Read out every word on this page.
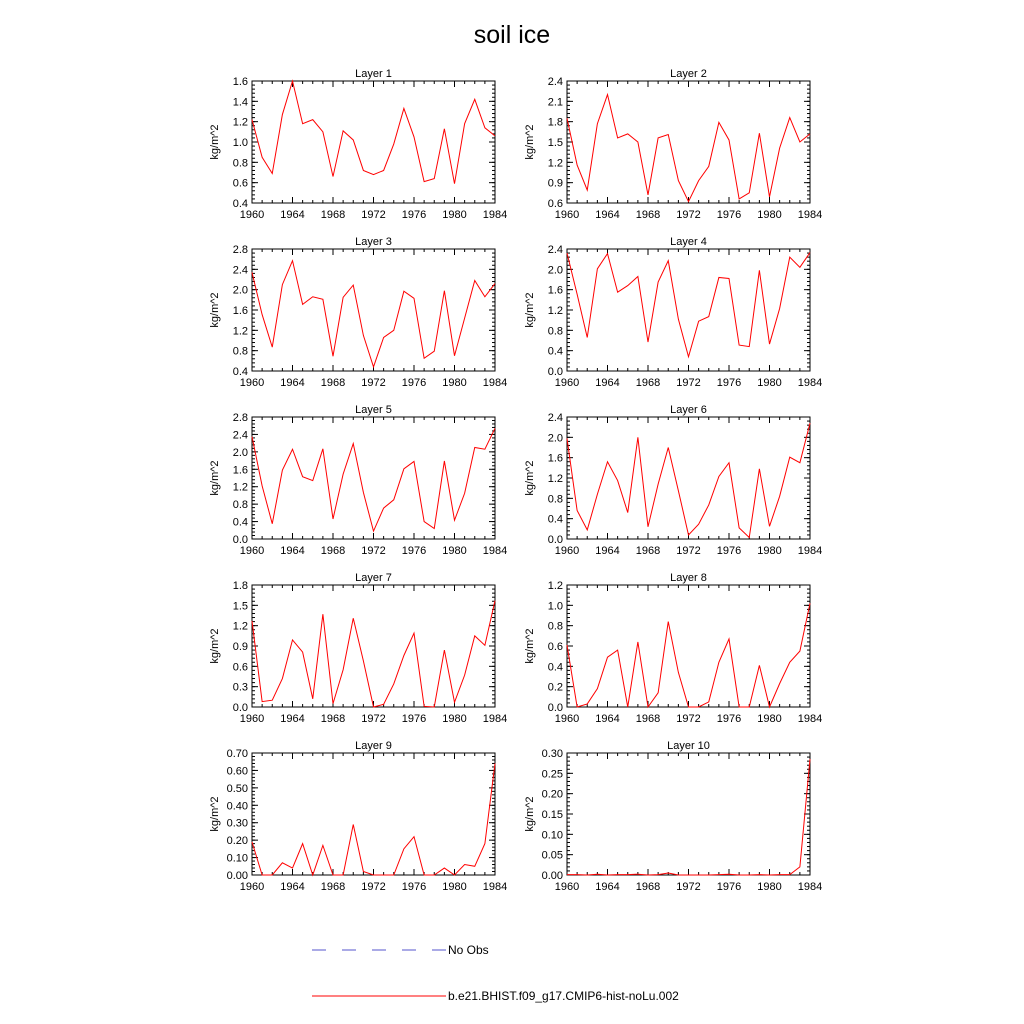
soil ice
Layer 1
kg/m^2
0.4
0.6
0.8
1.0
1.2
1.4
1.6
1960 1964 1968 1972 1976 1980 1984
Layer 2
kg/m^2
0.6
0.9
1.2
1.5
1.8
2.1
2.4
1960 1964 1968 1972 1976 1980 1984
Layer 3
kg/m^2
0.4
0.8
1.2
1.6
2.0
2.4
2.8
1960 1964 1968 1972 1976 1980 1984
Layer 4
kg/m^2
0.0
0.4
0.8
1.2
1.6
2.0
2.4
1960 1964 1968 1972 1976 1980 1984
Layer 5
kg/m^2
0.0
0.4
0.8
1.2
1.6
2.0
2.4
2.8
1960 1964 1968 1972 1976 1980 1984
Layer 6
kg/m^2
0.0
0.4
0.8
1.2
1.6
2.0
2.4
1960 1964 1968 1972 1976 1980 1984
Layer 7
kg/m^2
0.0
0.3
0.6
0.9
1.2
1.5
1.8
1960 1964 1968 1972 1976 1980 1984
Layer 8
kg/m^2
0.0
0.2
0.4
0.6
0.8
1.0
1.2
1960 1964 1968 1972 1976 1980 1984
Layer 9
kg/m^2
0.00
0.10
0.20
0.30
0.40
0.50
0.60
0.70
1960 1964 1968 1972 1976 1980 1984
Layer 10
kg/m^2
0.00
0.05
0.10
0.15
0.20
0.25
0.30
1960 1964 1968 1972 1976 1980 1984
No Obs
b.e21.BHIST.f09_g17.CMIP6-hist-noLu.002
